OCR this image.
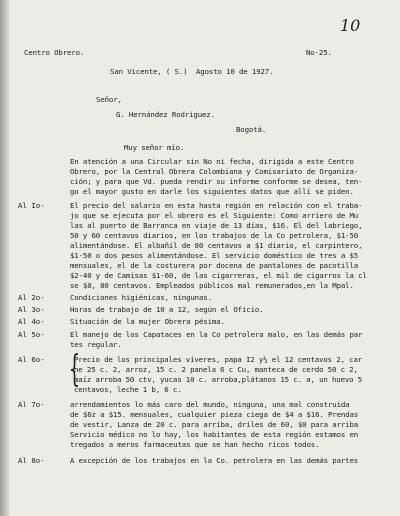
10
Centro Obrero.	No-25.
San Vicente, ( S.)  Agosto 10 de 1927.
Señor,
G. Hernández Rodríguez.
Bogotá.
Muy señor mío.
En atención a una Circular sin No ni fecha, dirigida a este Centro
Obrero, por la Central Obrera Colombiana y Comisariato de Organiza-
ción; y para que Vd. pueda rendir su informe conforme se desea, ten-
go el mayor gusto en darle los siguientes datos que allí se piden.
Al Io-	El precio del salario en esta hasta región en relación con el traba-
jo que se ejecuta por el obrero es el Siguiente: Como arriero de Mu
las al puerto de Barranca en viaje de 13 días, $16. El del labriego,
50 y 60 centavos diarios, en los trabajos de la Co petrolera, $1-50
alimentándose. El albañil de 80 centavos a $1 diario, el carpintero,
$1-50 o dos pesos alimentándose. El servicio doméstico de tres a $5
mensuales, el de la costurera por docena de pantalones de pacotilla
$2-40 y de Camisas $1-60, de las cigarreras, el mil de cigarros la cl
se $0, 80 centavos. Empleados públicos mal remunerados,en la Mpal.
Al 2o-	Condiciones higiénicas, ningunas.
Al 3o-	Horas de trabajo de 10 a 12, según el Oficio.
Al 4o-	Situación de la mujer Obrera pésima.
Al 5o-	El manejo de los Capataces en la Co petrolera malo, en las demás par
tes regular.
Al 6o- {
Precio de los principales víveres, papa I2 y½ el 12 centavos 2, car
ne 25 c. 2, arroz, 15 c. 2 panela 6 c Cu, manteca de cerdo 50 c 2,
maíz arroba 50 ctv, yucas 10 c. arroba,plátanos 15 c. a, un huevo 5
centavos, leche 1 b, 6 c.
Al 7o-	arrendamientos lo más caro del mundo, ninguna, una mal construida
de $6z a $15. mensuales, cualquier pieza ciega de $4 a $16. Prendas
de vestir, Lanza de 20 c. para arriba, driles de 60, $0 para arriba
Servicio médico no lo hay, los habitantes de esta región estamos en
tregados a meros farmaceutas que se han hecho ricos todos.
Al 8o-	A excepción de los trabajos en la Co. petrolera en las demás partes
